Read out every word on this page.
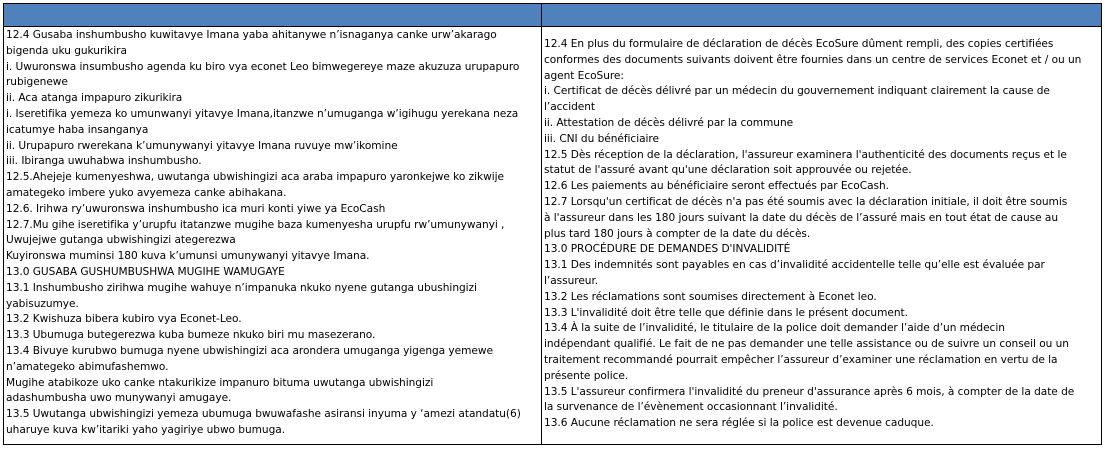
12.4 Gusaba inshumbusho kuwitavye Imana yaba ahitanywe n’isnaganya canke urw’akarago
bigenda uku gukurikira
i. Uwuronswa insumbusho agenda ku biro vya econet Leo bimwegereye maze akuzuza urupapuro
rubigenewe
ii. Aca atanga impapuro zikurikira
i. Iseretifika yemeza ko umunwanyi yitavye Imana,itanzwe n’umuganga w’igihugu yerekana neza
icatumye haba insanganya
ii. Urupapuro rwerekana k’umunywanyi yitavye Imana ruvuye mw’ikomine
iii. Ibiranga uwuhabwa inshumbusho.
12.5.Ahejeje kumenyeshwa, uwutanga ubwishingizi aca araba impapuro yaronkejwe ko zikwije
amategeko imbere yuko avyemeza canke abihakana.
12.6. Irihwa ry’uwuronswa inshumbusho ica muri konti yiwe ya EcoCash
12.7.Mu gihe iseretifika y’urupfu itatanzwe mugihe baza kumenyesha urupfu rw’umunywanyi ,
Uwujejwe gutanga ubwishingizi ategerezwa
Kuyironswa muminsi 180 kuva k’umunsi umunywanyi yitavye Imana.
13.0 GUSABA GUSHUMBUSHWA MUGIHE WAMUGAYE
13.1 Inshumbusho zirihwa mugihe wahuye n’impanuka nkuko nyene gutanga ubushingizi
yabisuzumye.
13.2 Kwishuza bibera kubiro vya Econet-Leo.
13.3 Ubumuga butegerezwa kuba bumeze nkuko biri mu masezerano.
13.4 Bivuye kurubwo bumuga nyene ubwishingizi aca arondera umuganga yigenga yemewe
n’amategeko abimufashemwo.
Mugihe atabikoze uko canke ntakurikize impanuro bituma uwutanga ubwishingizi
adashumbusha uwo munywanyi amugaye.
13.5 Uwutanga ubwishingizi yemeza ubumuga bwuwafashe asiransi inyuma y ‘amezi atandatu(6)
uharuye kuva kw’itariki yaho yagiriye ubwo bumuga.
12.4 En plus du formulaire de déclaration de décès EcoSure dûment rempli, des copies certifiées
conformes des documents suivants doivent être fournies dans un centre de services Econet et / ou un
agent EcoSure:
i. Certificat de décès délivré par un médecin du gouvernement indiquant clairement la cause de
l’accident
ii. Attestation de décès délivré par la commune
iii. CNI du bénéficiaire
12.5 Dès réception de la déclaration, l'assureur examinera l'authenticité des documents reçus et le
statut de l'assuré avant qu'une déclaration soit approuvée ou rejetée.
12.6 Les paiements au bénéficiaire seront effectués par EcoCash.
12.7 Lorsqu'un certificat de décès n'a pas été soumis avec la déclaration initiale, il doit être soumis
à l'assureur dans les 180 jours suivant la date du décès de l’assuré mais en tout état de cause au
plus tard 180 jours à compter de la date du décès.
13.0 PROCÉDURE DE DEMANDES D'INVALIDITÉ
13.1 Des indemnités sont payables en cas d’invalidité accidentelle telle qu’elle est évaluée par
l’assureur.
13.2 Les réclamations sont soumises directement à Econet leo.
13.3 L'invalidité doit être telle que définie dans le présent document.
13.4 À la suite de l’invalidité, le titulaire de la police doit demander l’aide d’un médecin
indépendant qualifié. Le fait de ne pas demander une telle assistance ou de suivre un conseil ou un
traitement recommandé pourrait empêcher l’assureur d’examiner une réclamation en vertu de la
présente police.
13.5 L'assureur confirmera l'invalidité du preneur d'assurance après 6 mois, à compter de la date de
la survenance de l’évènement occasionnant l’invalidité.
13.6 Aucune réclamation ne sera réglée si la police est devenue caduque.
